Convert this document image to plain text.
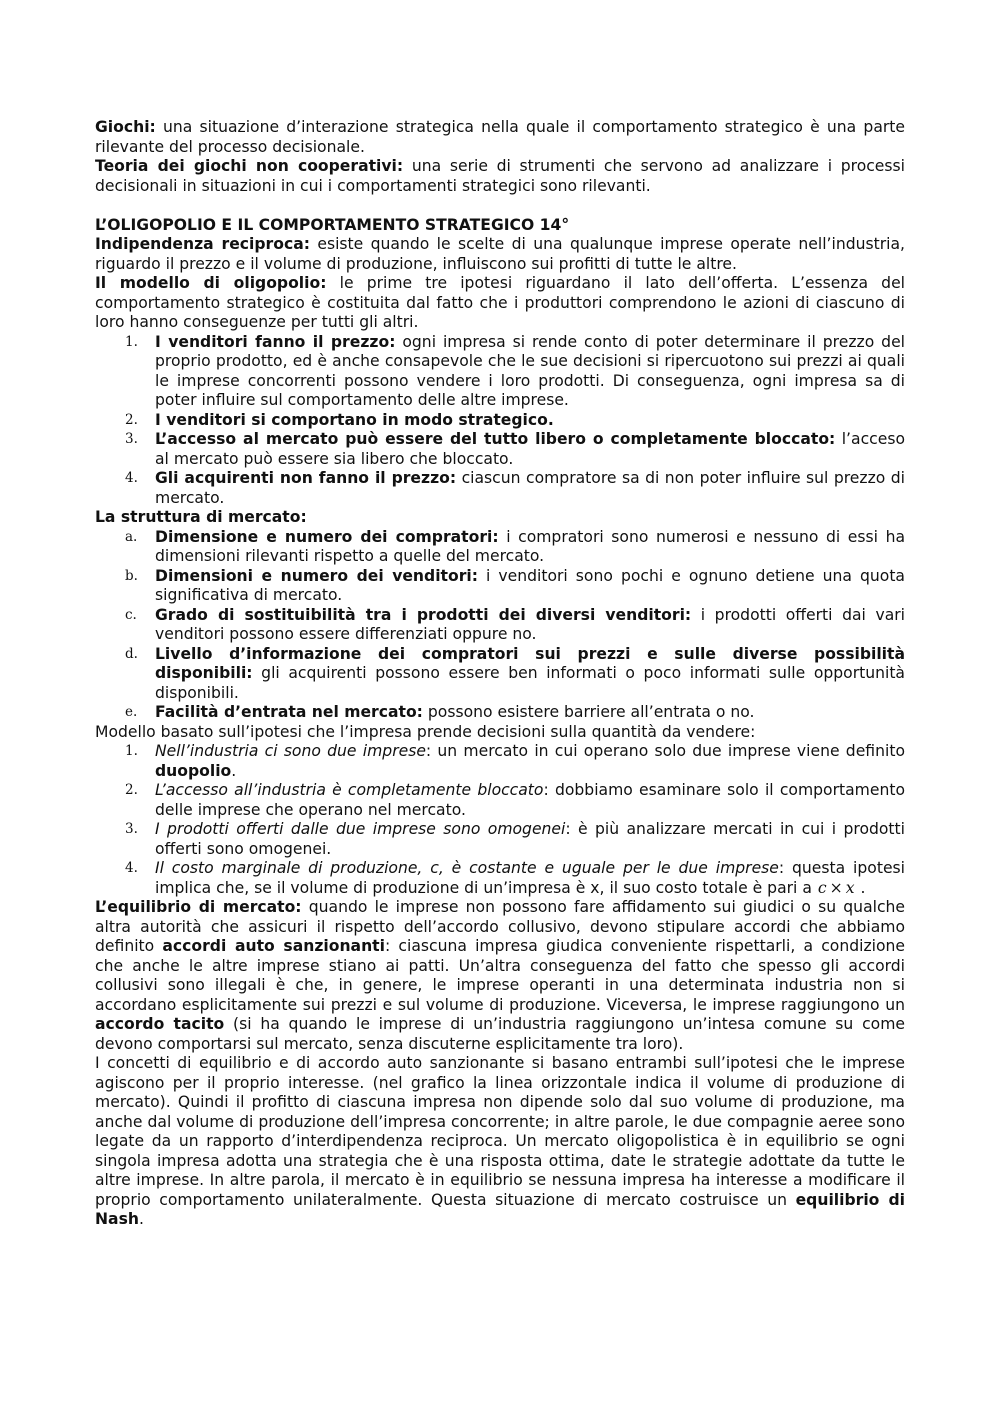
Giochi: una situazione d’interazione strategica nella quale il comportamento strategico è una parte rilevante del processo decisionale.

Teoria dei giochi non cooperativi: una serie di strumenti che servono ad analizzare i processi decisionali in situazioni in cui i comportamenti strategici sono rilevanti.

L’OLIGOPOLIO E IL COMPORTAMENTO STRATEGICO 14°

Indipendenza reciproca: esiste quando le scelte di una qualunque imprese operate nell’industria, riguardo il prezzo e il volume di produzione, influiscono sui profitti di tutte le altre.

Il modello di oligopolio: le prime tre ipotesi riguardano il lato dell’offerta. L’essenza del comportamento strategico è costituita dal fatto che i produttori comprendono le azioni di ciascuno di loro hanno conseguenze per tutti gli altri.

1. I venditori fanno il prezzo: ogni impresa si rende conto di poter determinare il prezzo del proprio prodotto, ed è anche consapevole che le sue decisioni si ripercuotono sui prezzi ai quali le imprese concorrenti possono vendere i loro prodotti. Di conseguenza, ogni impresa sa di poter influire sul comportamento delle altre imprese.
2. I venditori si comportano in modo strategico.
3. L’accesso al mercato può essere del tutto libero o completamente bloccato: l’acceso al mercato può essere sia libero che bloccato.
4. Gli acquirenti non fanno il prezzo: ciascun compratore sa di non poter influire sul prezzo di mercato.

La struttura di mercato:

a. Dimensione e numero dei compratori: i compratori sono numerosi e nessuno di essi ha dimensioni rilevanti rispetto a quelle del mercato.
b. Dimensioni e numero dei venditori: i venditori sono pochi e ognuno detiene una quota significativa di mercato.
c. Grado di sostituibilità tra i prodotti dei diversi venditori: i prodotti offerti dai vari venditori possono essere differenziati oppure no.
d. Livello d’informazione dei compratori sui prezzi e sulle diverse possibilità disponibili: gli acquirenti possono essere ben informati o poco informati sulle opportunità disponibili.
e. Facilità d’entrata nel mercato: possono esistere barriere all’entrata o no.

Modello basato sull’ipotesi che l’impresa prende decisioni sulla quantità da vendere:

1. Nell’industria ci sono due imprese: un mercato in cui operano solo due imprese viene definito duopolio.
2. L’accesso all’industria è completamente bloccato: dobbiamo esaminare solo il comportamento delle imprese che operano nel mercato.
3. I prodotti offerti dalle due imprese sono omogenei: è più analizzare mercati in cui i prodotti offerti sono omogenei.
4. Il costo marginale di produzione, c, è costante e uguale per le due imprese: questa ipotesi implica che, se il volume di produzione di un’impresa è x, il suo costo totale è pari a c × x .

L’equilibrio di mercato: quando le imprese non possono fare affidamento sui giudici o su qualche altra autorità che assicuri il rispetto dell’accordo collusivo, devono stipulare accordi che abbiamo definito accordi auto sanzionanti: ciascuna impresa giudica conveniente rispettarli, a condizione che anche le altre imprese stiano ai patti. Un’altra conseguenza del fatto che spesso gli accordi collusivi sono illegali è che, in genere, le imprese operanti in una determinata industria non si accordano esplicitamente sui prezzi e sul volume di produzione. Viceversa, le imprese raggiungono un accordo tacito (si ha quando le imprese di un’industria raggiungono un’intesa comune su come devono comportarsi sul mercato, senza discuterne esplicitamente tra loro).

I concetti di equilibrio e di accordo auto sanzionante si basano entrambi sull’ipotesi che le imprese agiscono per il proprio interesse. (nel grafico la linea orizzontale indica il volume di produzione di mercato). Quindi il profitto di ciascuna impresa non dipende solo dal suo volume di produzione, ma anche dal volume di produzione dell’impresa concorrente; in altre parole, le due compagnie aeree sono legate da un rapporto d’interdipendenza reciproca. Un mercato oligopolistica è in equilibrio se ogni singola impresa adotta una strategia che è una risposta ottima, date le strategie adottate da tutte le altre imprese. In altre parola, il mercato è in equilibrio se nessuna impresa ha interesse a modificare il proprio comportamento unilateralmente. Questa situazione di mercato costruisce un equilibrio di Nash.
